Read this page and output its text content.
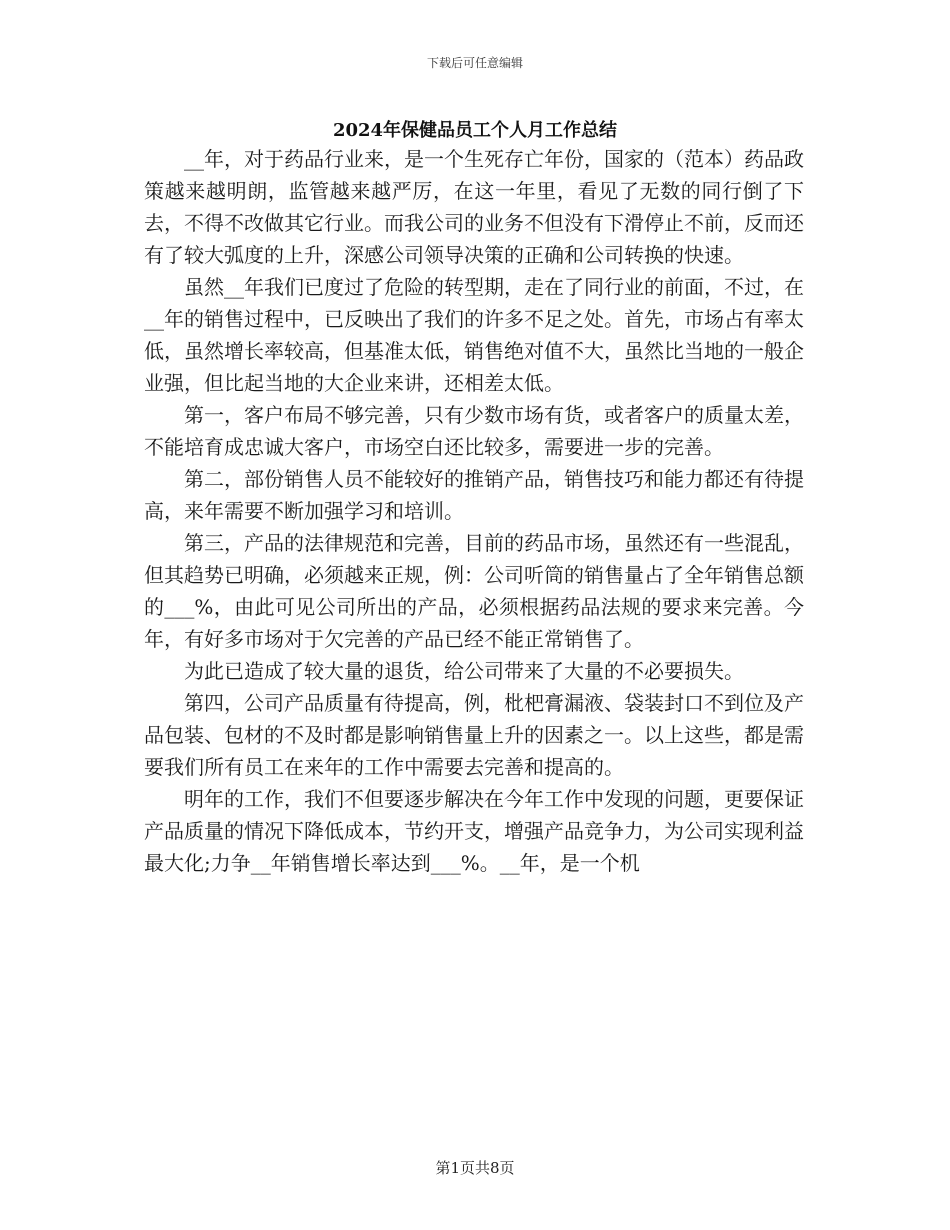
下载后可任意编辑
2024年保健品员工个人月工作总结

__年，对于药品行业来，是一个生死存亡年份，国家的（范本）药品政策越来越明朗，监管越来越严厉，在这一年里，看见了无数的同行倒了下去，不得不改做其它行业。而我公司的业务不但没有下滑停止不前，反而还有了较大弧度的上升，深感公司领导决策的正确和公司转换的快速。

虽然__年我们已度过了危险的转型期，走在了同行业的前面，不过，在__年的销售过程中，已反映出了我们的许多不足之处。首先，市场占有率太低，虽然增长率较高，但基准太低，销售绝对值不大，虽然比当地的一般企业强，但比起当地的大企业来讲，还相差太低。

第一，客户布局不够完善，只有少数市场有货，或者客户的质量太差，不能培育成忠诚大客户，市场空白还比较多，需要进一步的完善。

第二，部份销售人员不能较好的推销产品，销售技巧和能力都还有待提高，来年需要不断加强学习和培训。

第三，产品的法律规范和完善，目前的药品市场，虽然还有一些混乱，但其趋势已明确，必须越来正规，例：公司听筒的销售量占了全年销售总额的___%，由此可见公司所出的产品，必须根据药品法规的要求来完善。今年，有好多市场对于欠完善的产品已经不能正常销售了。

为此已造成了较大量的退货，给公司带来了大量的不必要损失。

第四，公司产品质量有待提高，例，枇杷膏漏液、袋装封口不到位及产品包装、包材的不及时都是影响销售量上升的因素之一。以上这些，都是需要我们所有员工在来年的工作中需要去完善和提高的。

明年的工作，我们不但要逐步解决在今年工作中发现的问题，更要保证产品质量的情况下降低成本，节约开支，增强产品竞争力，为公司实现利益最大化;力争__年销售增长率达到___%。__年，是一个机

第1页共8页
